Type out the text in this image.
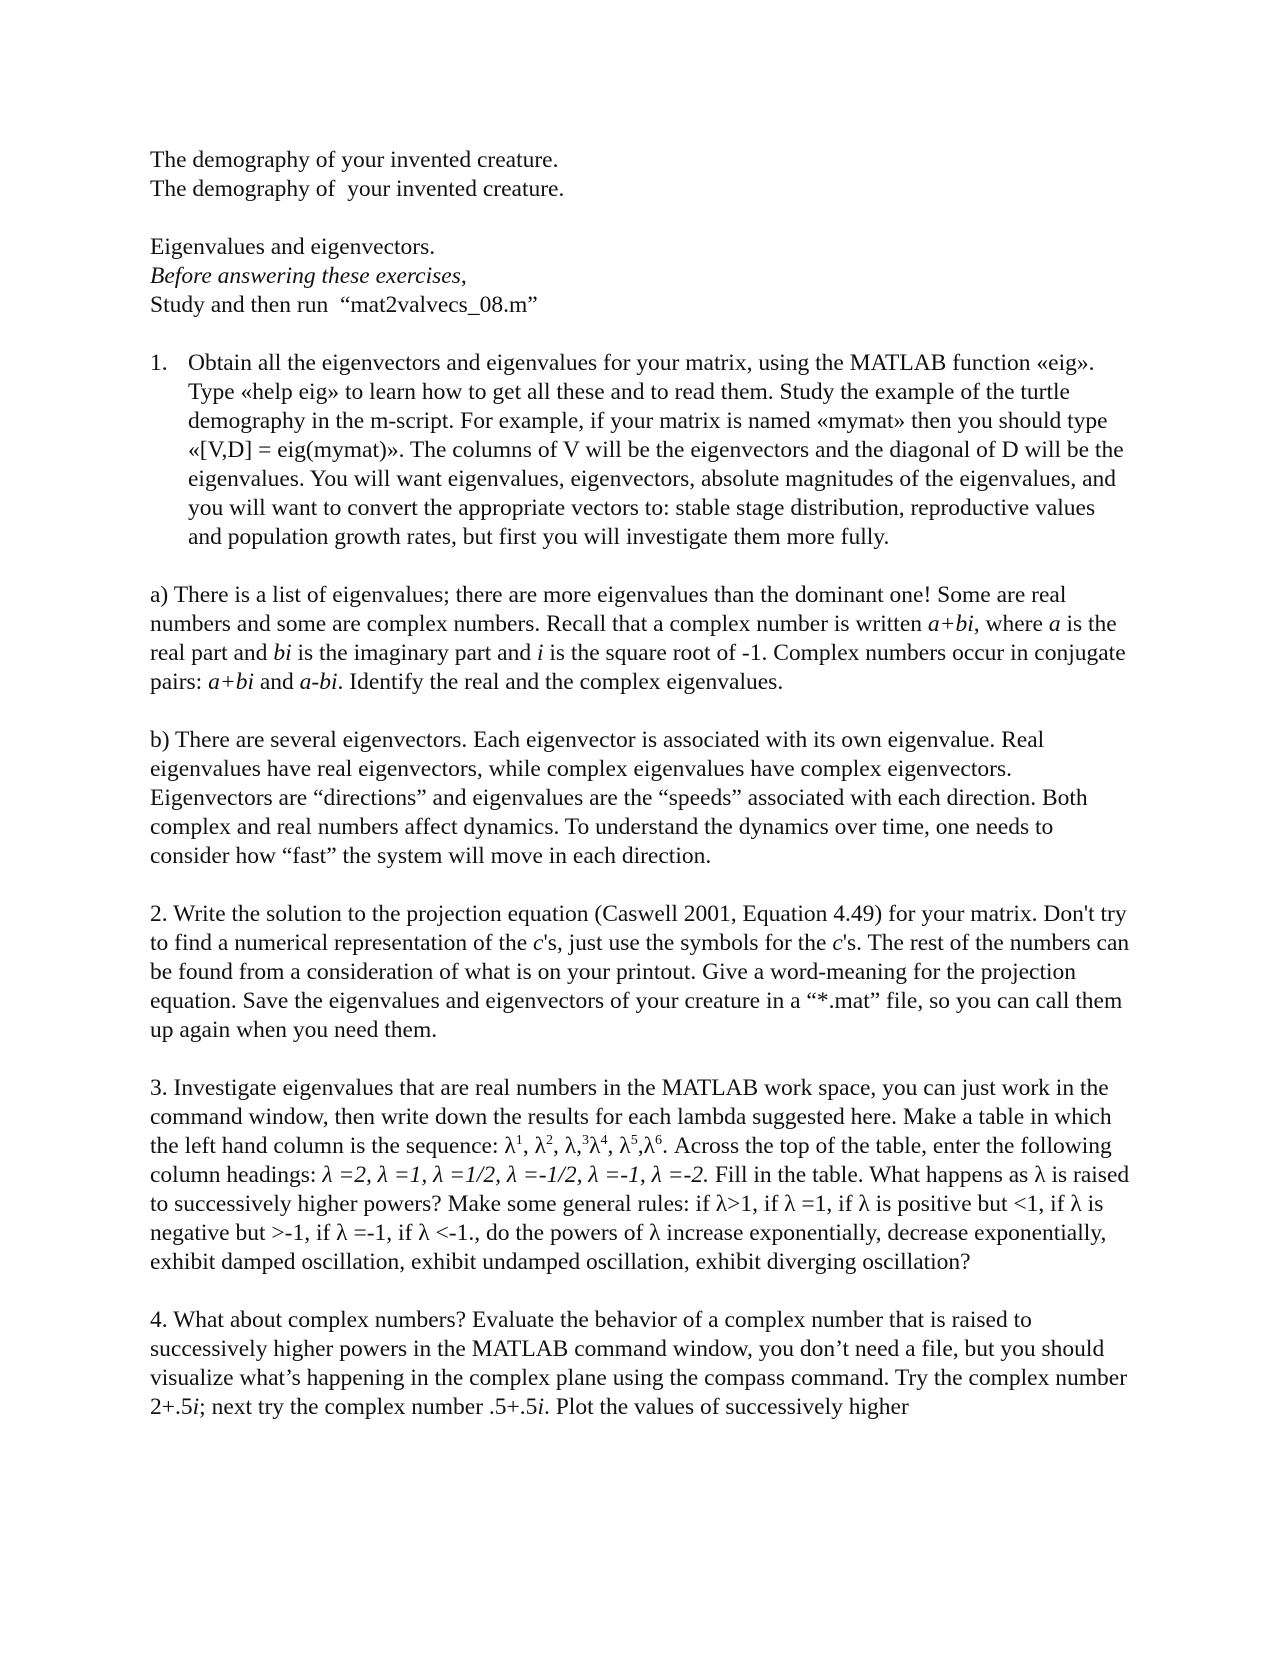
The demography of your invented creature.
The demography of  your invented creature.
Eigenvalues and eigenvectors.
Before answering these exercises,
Study and then run  “mat2valvecs_08.m”
1. Obtain all the eigenvectors and eigenvalues for your matrix, using the MATLAB function «eig». Type «help eig» to learn how to get all these and to read them. Study the example of the turtle demography in the m-script. For example, if your matrix is named «mymat» then you should type «[V,D] = eig(mymat)». The columns of V will be the eigenvectors and the diagonal of D will be the eigenvalues. You will want eigenvalues, eigenvectors, absolute magnitudes of the eigenvalues, and you will want to convert the appropriate vectors to: stable stage distribution, reproductive values and population growth rates, but first you will investigate them more fully.
a) There is a list of eigenvalues; there are more eigenvalues than the dominant one! Some are real numbers and some are complex numbers. Recall that a complex number is written a+bi, where a is the real part and bi is the imaginary part and i is the square root of -1. Complex numbers occur in conjugate pairs: a+bi and a-bi. Identify the real and the complex eigenvalues.
b) There are several eigenvectors. Each eigenvector is associated with its own eigenvalue. Real eigenvalues have real eigenvectors, while complex eigenvalues have complex eigenvectors. Eigenvectors are “directions” and eigenvalues are the “speeds” associated with each direction. Both complex and real numbers affect dynamics. To understand the dynamics over time, one needs to consider how “fast” the system will move in each direction.
2. Write the solution to the projection equation (Caswell 2001, Equation 4.49) for your matrix. Don't try to find a numerical representation of the c's, just use the symbols for the c's. The rest of the numbers can be found from a consideration of what is on your printout. Give a word-meaning for the projection equation. Save the eigenvalues and eigenvectors of your creature in a “*.mat” file, so you can call them up again when you need them.
3. Investigate eigenvalues that are real numbers in the MATLAB work space, you can just work in the command window, then write down the results for each lambda suggested here. Make a table in which the left hand column is the sequence: $\lambda^1$, $\lambda^2$, $\lambda,^3\lambda^4$, $\lambda^5,\lambda^6$. Across the top of the table, enter the following column headings: λ =2, λ =1, λ =1/2, λ =-1/2, λ =-1, λ =-2. Fill in the table. What happens as λ is raised to successively higher powers? Make some general rules: if λ>1, if λ =1, if λ is positive but <1, if λ is negative but >-1, if λ =-1, if λ <-1., do the powers of λ increase exponentially, decrease exponentially, exhibit damped oscillation, exhibit undamped oscillation, exhibit diverging oscillation?
4. What about complex numbers? Evaluate the behavior of a complex number that is raised to successively higher powers in the MATLAB command window, you don’t need a file, but you should visualize what’s happening in the complex plane using the compass command. Try the complex number 2+.5i; next try the complex number .5+.5i. Plot the values of successively higher
